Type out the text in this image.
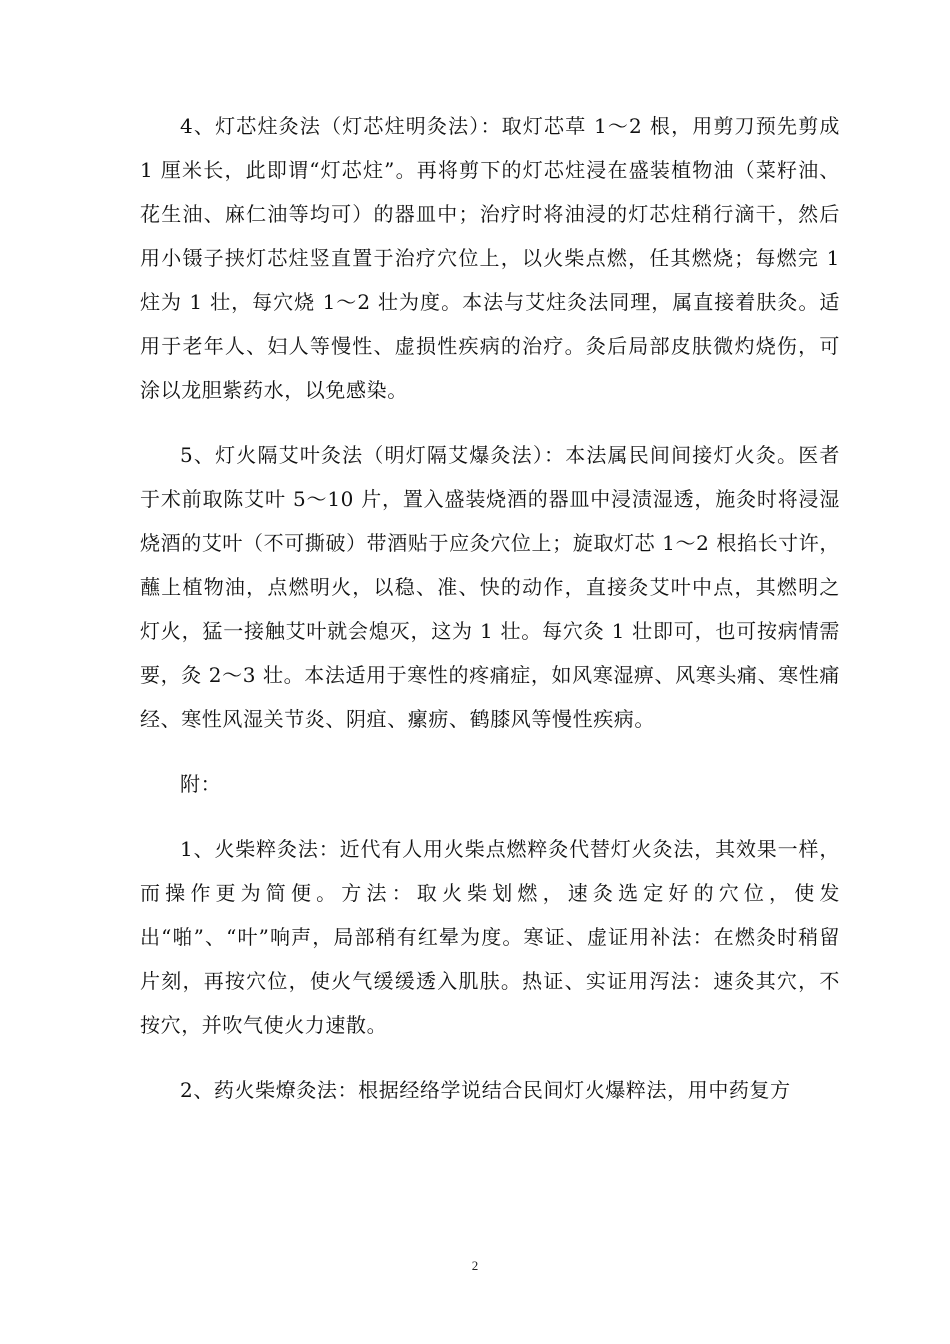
4、灯芯炷灸法（灯芯炷明灸法）：取灯芯草 1～2 根，用剪刀预先剪成 1 厘米长，此即谓“灯芯炷”。再将剪下的灯芯炷浸在盛装植物油（菜籽油、花生油、麻仁油等均可）的器皿中；治疗时将油浸的灯芯炷稍行滴干，然后用小镊子挟灯芯炷竖直置于治疗穴位上，以火柴点燃，任其燃烧；每燃完 1 炷为 1 壮，每穴烧 1～2 壮为度。本法与艾炷灸法同理，属直接着肤灸。适用于老年人、妇人等慢性、虚损性疾病的治疗。灸后局部皮肤微灼烧伤，可涂以龙胆紫药水，以免感染。

5、灯火隔艾叶灸法（明灯隔艾爆灸法）：本法属民间间接灯火灸。医者于术前取陈艾叶 5～10 片，置入盛装烧酒的器皿中浸渍湿透，施灸时将浸湿烧酒的艾叶（不可撕破）带酒贴于应灸穴位上；旋取灯芯 1～2 根掐长寸许，蘸上植物油，点燃明火，以稳、准、快的动作，直接灸艾叶中点，其燃明之灯火，猛一接触艾叶就会熄灭，这为 1 壮。每穴灸 1 壮即可，也可按病情需要，灸 2～3 壮。本法适用于寒性的疼痛症，如风寒湿痹、风寒头痛、寒性痛经、寒性风湿关节炎、阴疽、瘰疬、鹤膝风等慢性疾病。

附：

1、火柴粹灸法：近代有人用火柴点燃粹灸代替灯火灸法，其效果一样，而操作更为简便。方法：取火柴划燃，速灸选定好的穴位，使发出“啪”、“叶”响声，局部稍有红晕为度。寒证、虚证用补法：在燃灸时稍留片刻，再按穴位，使火气缓缓透入肌肤。热证、实证用泻法：速灸其穴，不按穴，并吹气使火力速散。

2、药火柴燎灸法：根据经络学说结合民间灯火爆粹法，用中药复方

2
